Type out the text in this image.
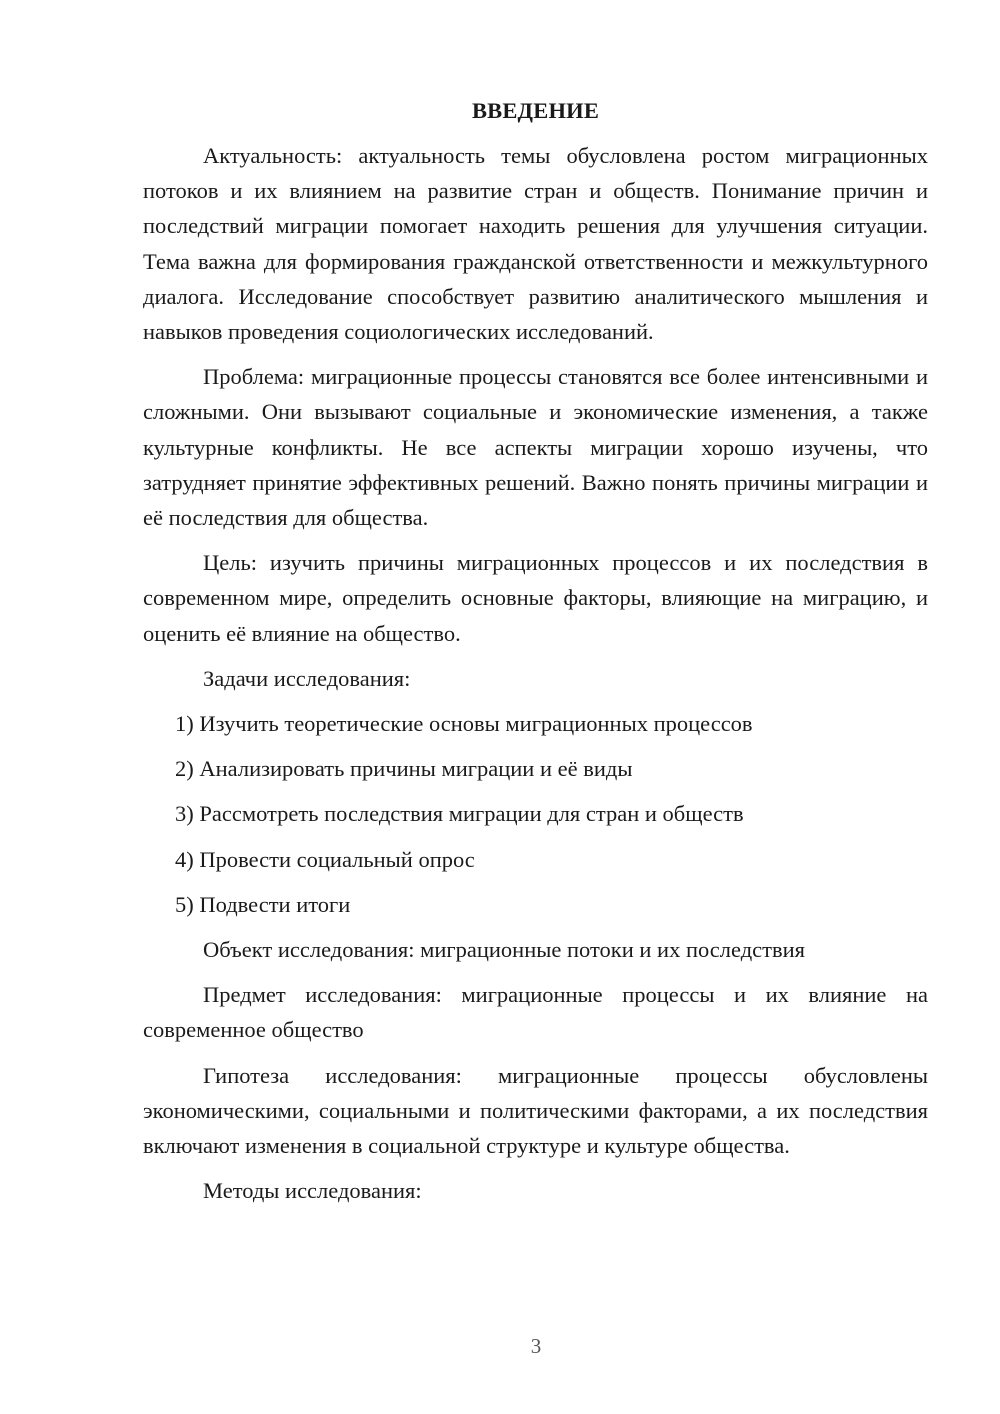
ВВЕДЕНИЕ

Актуальность: актуальность темы обусловлена ростом миграционных потоков и их влиянием на развитие стран и обществ. Понимание причин и последствий миграции помогает находить решения для улучшения ситуации. Тема важна для формирования гражданской ответственности и межкультурного диалога. Исследование способствует развитию аналитического мышления и навыков проведения социологических исследований.

Проблема: миграционные процессы становятся все более интенсивными и сложными. Они вызывают социальные и экономические изменения, а также культурные конфликты. Не все аспекты миграции хорошо изучены, что затрудняет принятие эффективных решений. Важно понять причины миграции и её последствия для общества.

Цель: изучить причины миграционных процессов и их последствия в современном мире, определить основные факторы, влияющие на миграцию, и оценить её влияние на общество.

Задачи исследования:

1) Изучить теоретические основы миграционных процессов
2) Анализировать причины миграции и её виды
3) Рассмотреть последствия миграции для стран и обществ
4) Провести социальный опрос
5) Подвести итоги

Объект исследования: миграционные потоки и их последствия

Предмет исследования: миграционные процессы и их влияние на современное общество

Гипотеза исследования: миграционные процессы обусловлены экономическими, социальными и политическими факторами, а их последствия включают изменения в социальной структуре и культуре общества.

Методы исследования:

3
